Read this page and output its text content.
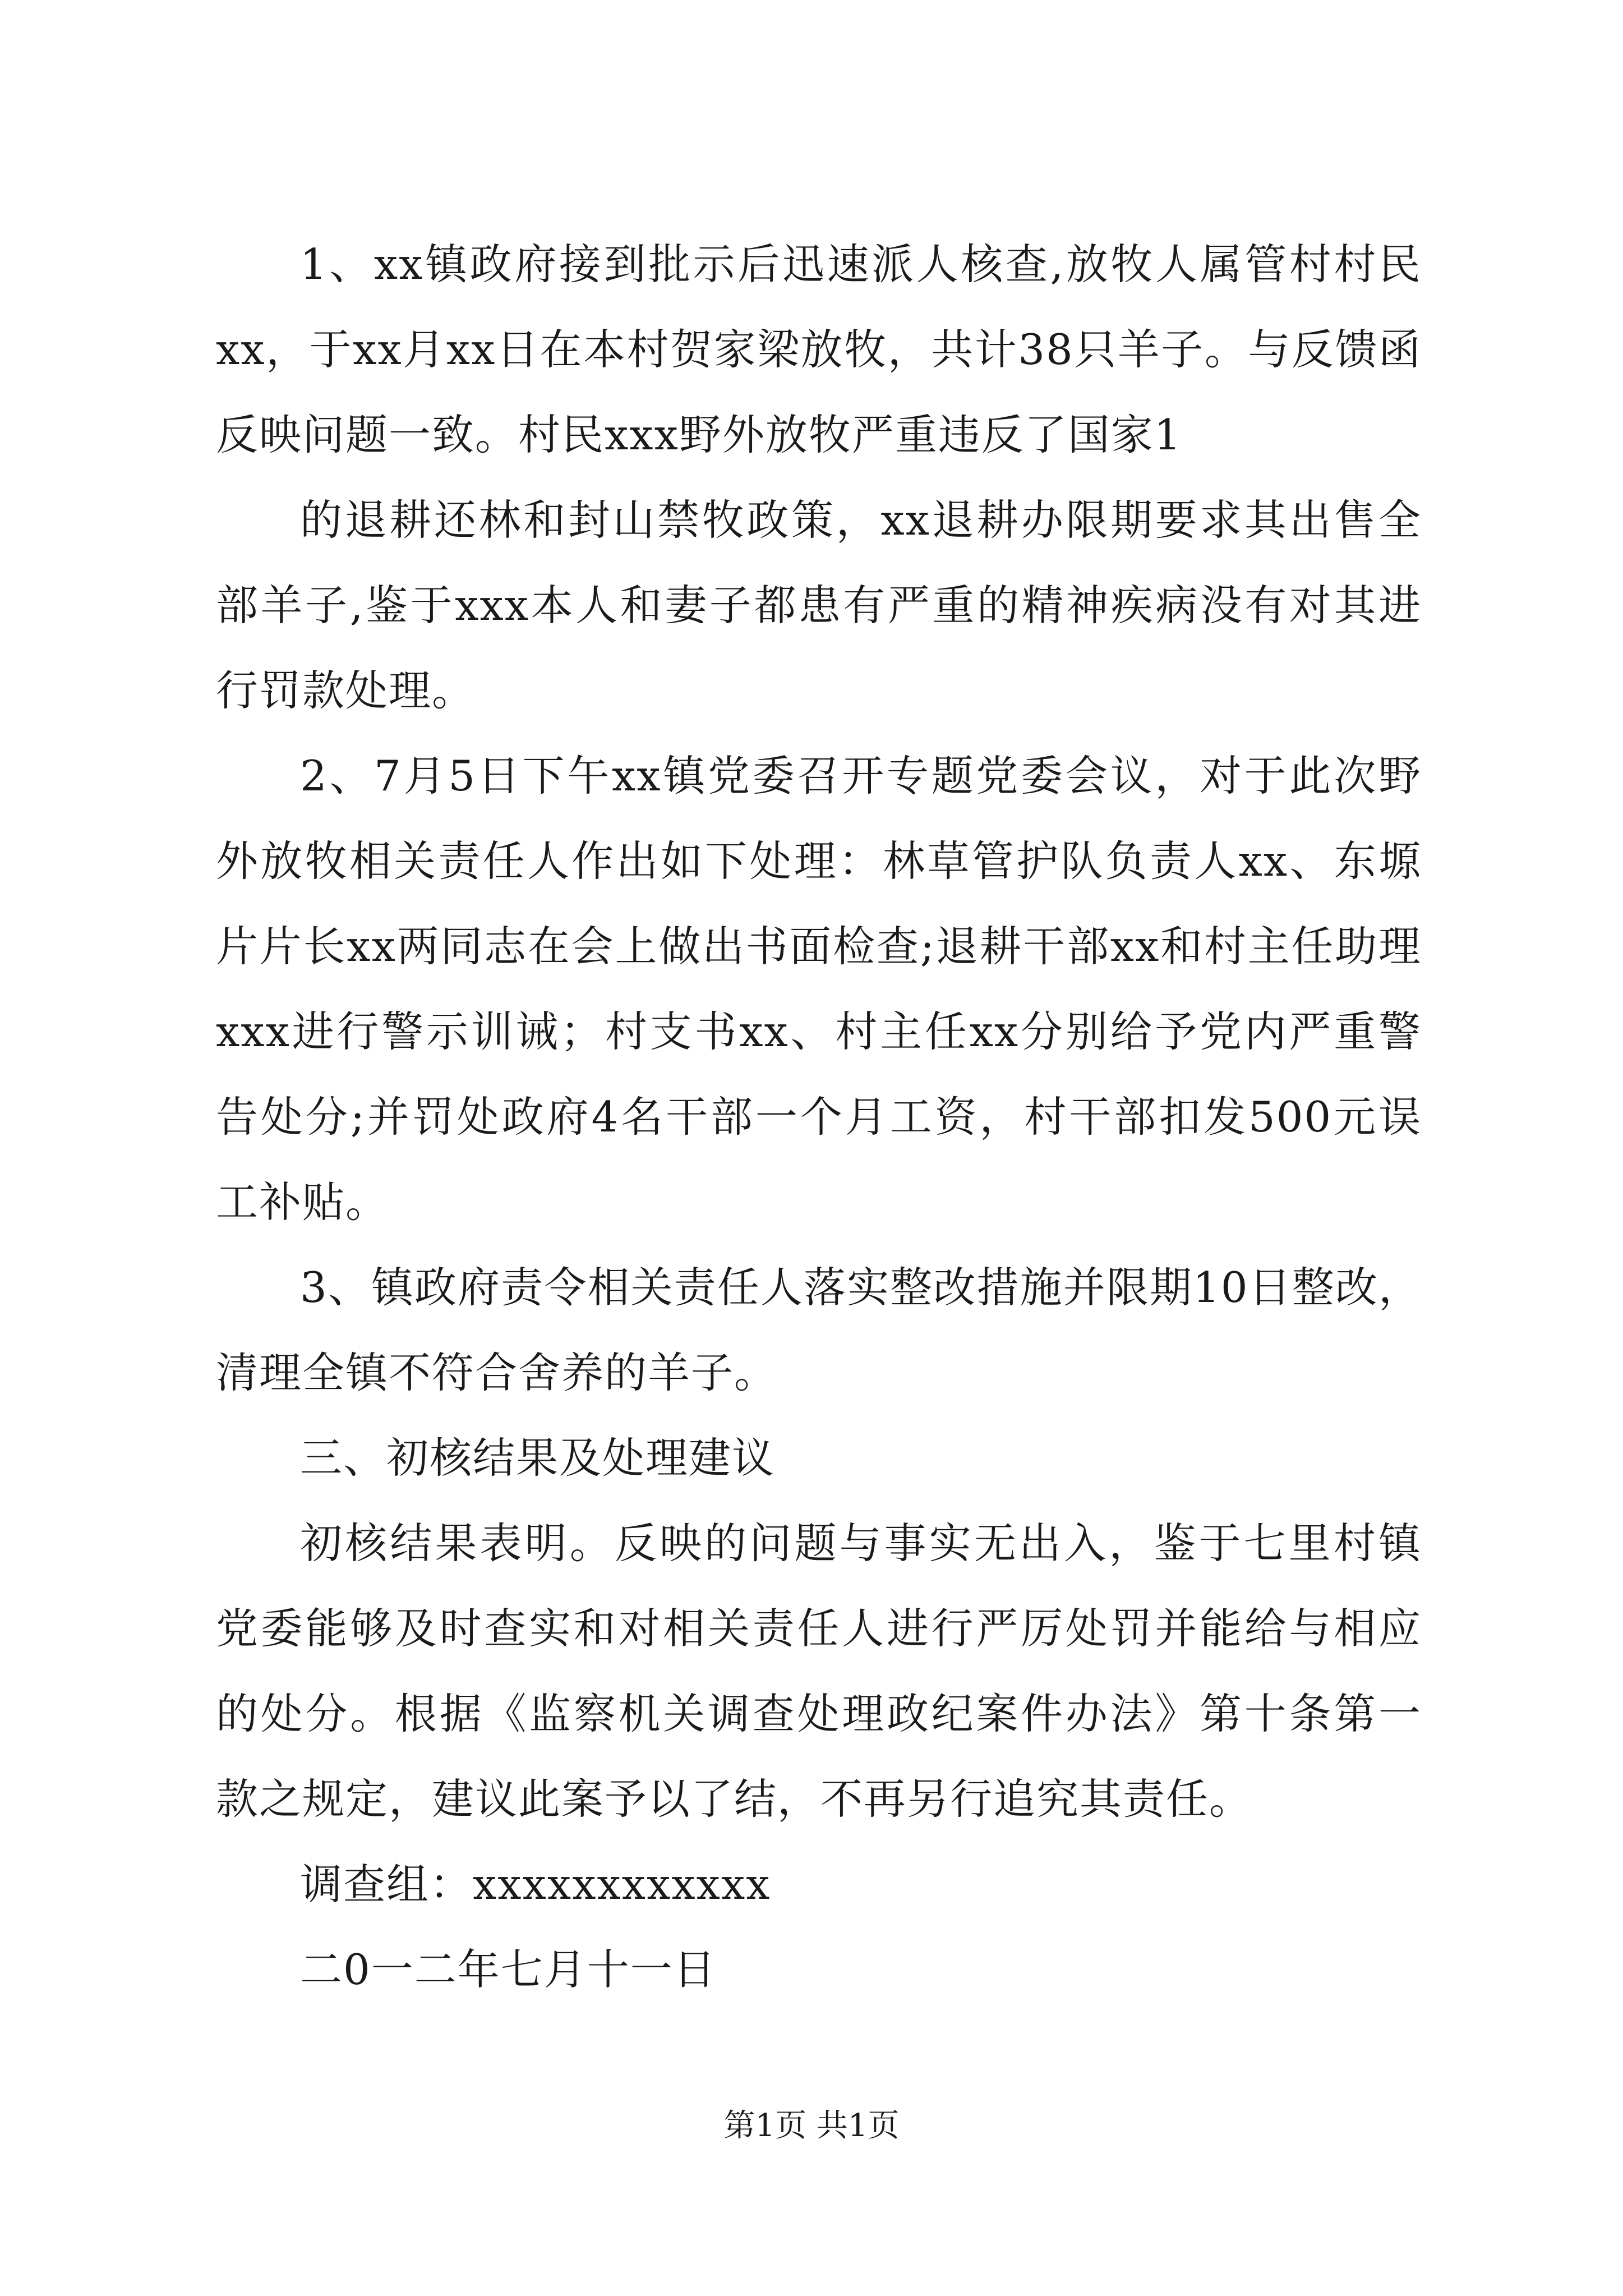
1、xx镇政府接到批示后迅速派人核查,放牧人属管村村民xx，于xx月xx日在本村贺家梁放牧，共计38只羊子。与反馈函反映问题一致。村民xxx野外放牧严重违反了国家1

的退耕还林和封山禁牧政策，xx退耕办限期要求其出售全部羊子,鉴于xxx本人和妻子都患有严重的精神疾病没有对其进行罚款处理。

2、7月5日下午xx镇党委召开专题党委会议，对于此次野外放牧相关责任人作出如下处理：林草管护队负责人xx、东塬片片长xx两同志在会上做出书面检查;退耕干部xx和村主任助理xxx进行警示训诫；村支书xx、村主任xx分别给予党内严重警告处分;并罚处政府4名干部一个月工资，村干部扣发500元误工补贴。

3、镇政府责令相关责任人落实整改措施并限期10日整改，清理全镇不符合舍养的羊子。

三、初核结果及处理建议

初核结果表明。反映的问题与事实无出入，鉴于七里村镇党委能够及时查实和对相关责任人进行严厉处罚并能给与相应的处分。根据《监察机关调查处理政纪案件办法》第十条第一款之规定，建议此案予以了结，不再另行追究其责任。

调查组：xxxxxxxxxxxx

二0一二年七月十一日

第1页 共1页
